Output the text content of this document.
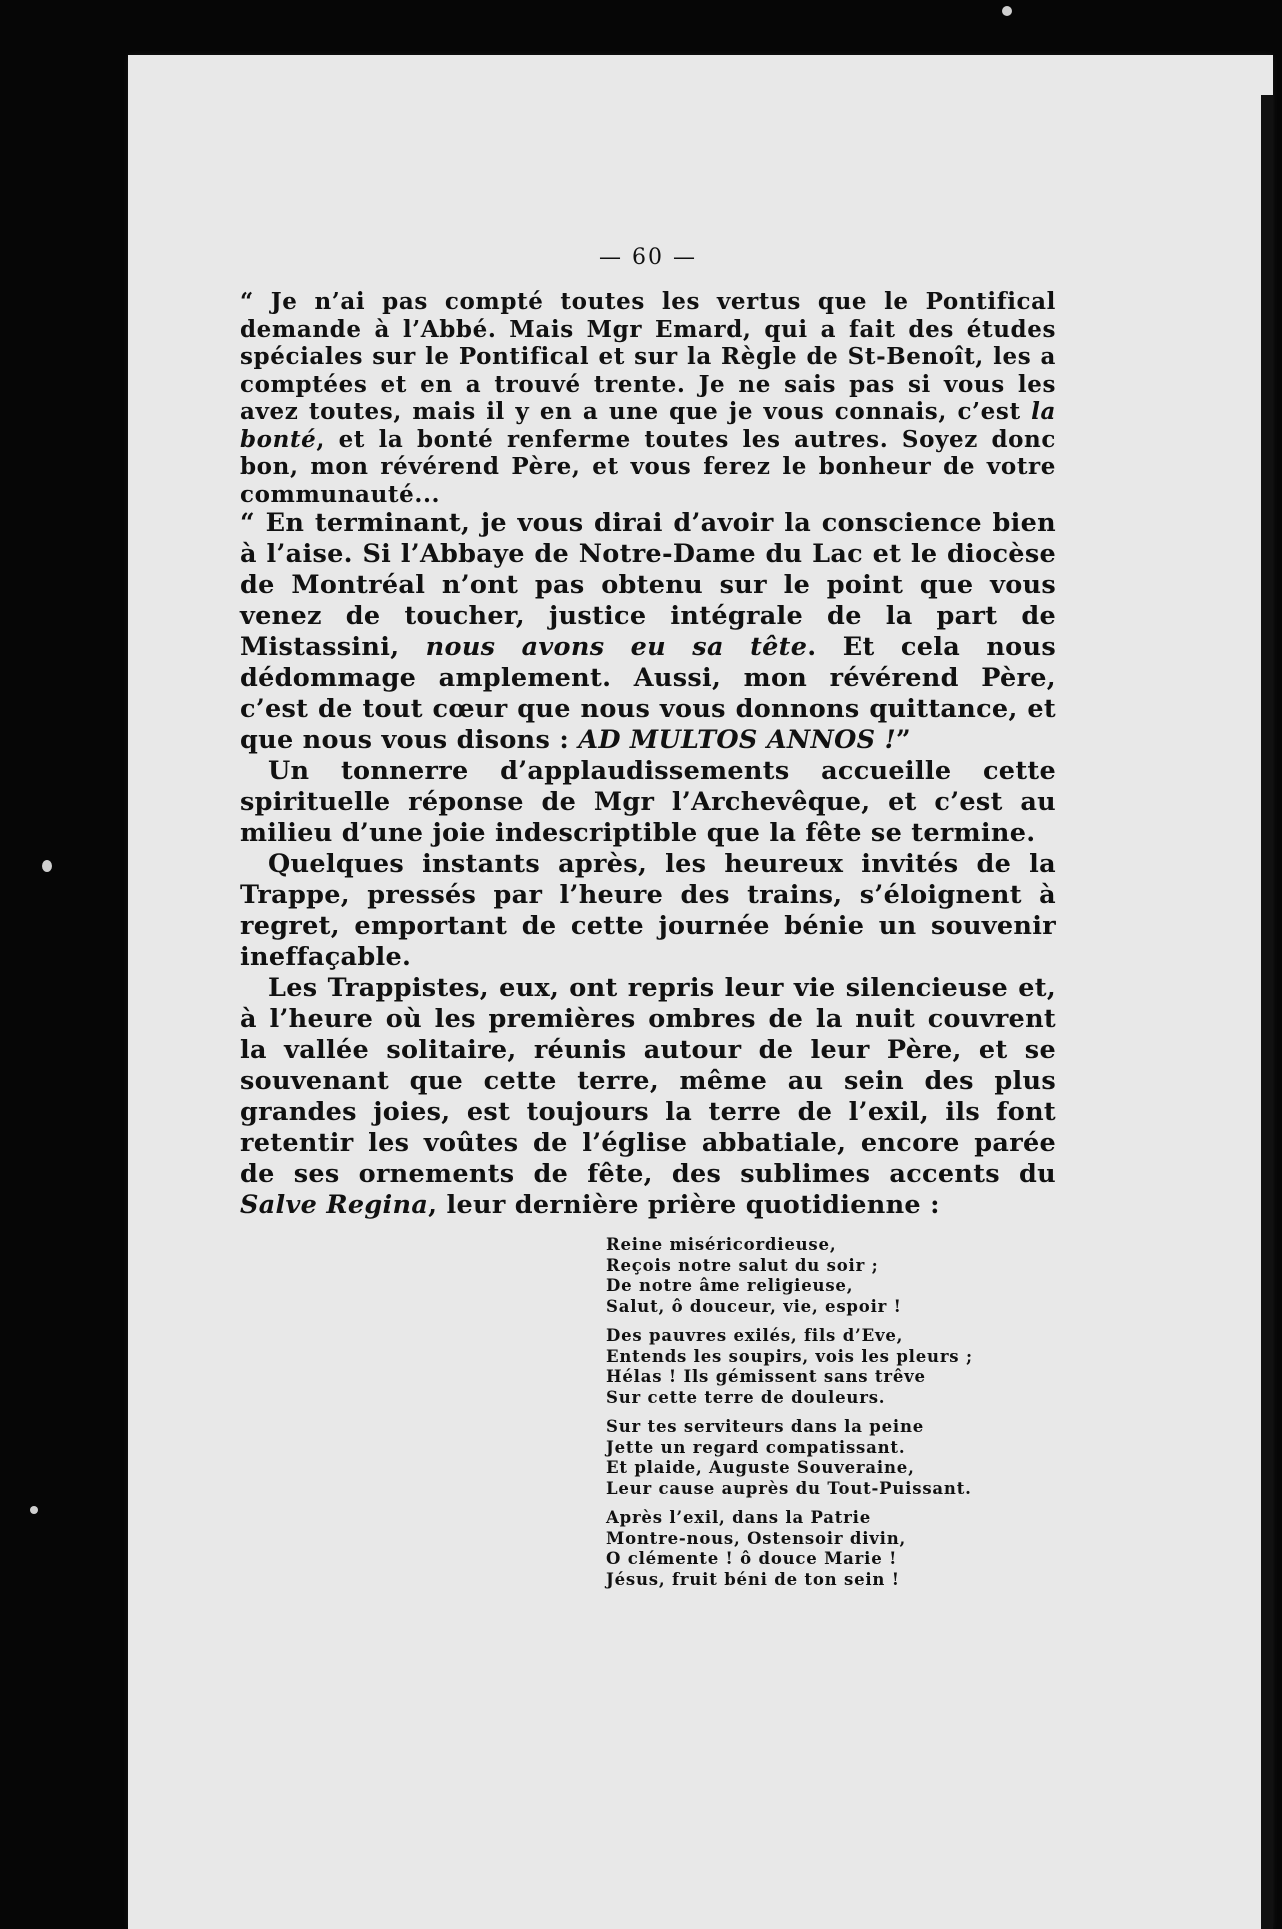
— 60 —

“ Je n’ai pas compté toutes les vertus que le Pontifical demande à l’Abbé. Mais Mgr Emard, qui a fait des études spéciales sur le Pontifical et sur la Règle de St-Benoît, les a comptées et en a trouvé trente. Je ne sais pas si vous les avez toutes, mais il y en a une que je vous connais, c’est la bonté, et la bonté renferme toutes les autres. Soyez donc bon, mon révérend Père, et vous ferez le bonheur de votre communauté...

“ En terminant, je vous dirai d’avoir la conscience bien à l’aise. Si l’Abbaye de Notre-Dame du Lac et le diocèse de Montréal n’ont pas obtenu sur le point que vous venez de toucher, justice intégrale de la part de Mistassini, nous avons eu sa tête. Et cela nous dédommage amplement. Aussi, mon révérend Père, c’est de tout cœur que nous vous donnons quittance, et que nous vous disons : AD MULTOS ANNOS !”

Un tonnerre d’applaudissements accueille cette spirituelle réponse de Mgr l’Archevêque, et c’est au milieu d’une joie indescriptible que la fête se termine.

Quelques instants après, les heureux invités de la Trappe, pressés par l’heure des trains, s’éloignent à regret, emportant de cette journée bénie un souvenir ineffaçable.

Les Trappistes, eux, ont repris leur vie silencieuse et, à l’heure où les premières ombres de la nuit couvrent la vallée solitaire, réunis autour de leur Père, et se souvenant que cette terre, même au sein des plus grandes joies, est toujours la terre de l’exil, ils font retentir les voûtes de l’église abbatiale, encore parée de ses ornements de fête, des sublimes accents du Salve Regina, leur dernière prière quotidienne :

Reine miséricordieuse,
Reçois notre salut du soir ;
De notre âme religieuse,
Salut, ô douceur, vie, espoir !
Des pauvres exilés, fils d’Eve,
Entends les soupirs, vois les pleurs ;
Hélas ! Ils gémissent sans trêve
Sur cette terre de douleurs.
Sur tes serviteurs dans la peine
Jette un regard compatissant.
Et plaide, Auguste Souveraine,
Leur cause auprès du Tout-Puissant.
Après l’exil, dans la Patrie
Montre-nous, Ostensoir divin,
O clémente ! ô douce Marie !
Jésus, fruit béni de ton sein !
